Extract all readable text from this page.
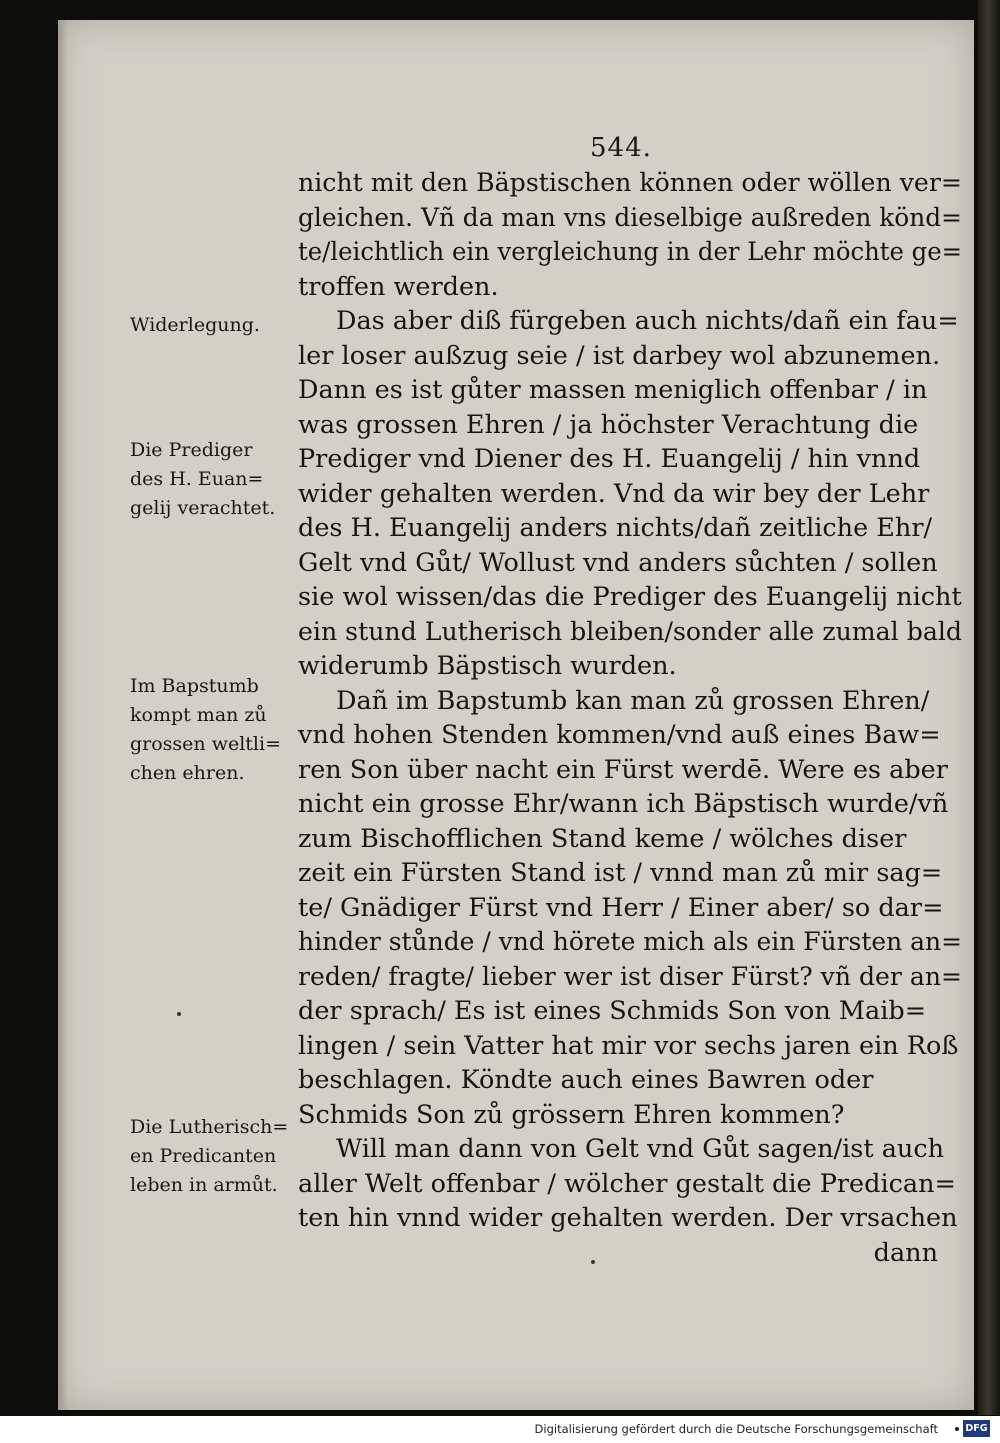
544.
Widerlegung.
Die Prediger
des H. Euan=
gelij verachtet.
Im Bapstumb
kompt man zů
grossen weltli=
chen ehren.
Die Lutherisch=
en Predicanten
leben in armůt.
nicht mit den Bäpstischen können oder wöllen ver=
gleichen. Vñ da man vns dieselbige außreden könd=
te/leichtlich ein vergleichung in der Lehr möchte ge=
troffen werden.
Das aber diß fürgeben auch nichts/dañ ein fau=
ler loser außzug seie / ist darbey wol abzunemen.
Dann es ist gůter massen meniglich offenbar / in
was grossen Ehren / ja höchster Verachtung die
Prediger vnd Diener des H. Euangelij / hin vnnd
wider gehalten werden. Vnd da wir bey der Lehr
des H. Euangelij anders nichts/dañ zeitliche Ehr/
Gelt vnd Gůt/ Wollust vnd anders sůchten / sollen
sie wol wissen/das die Prediger des Euangelij nicht
ein stund Lutherisch bleiben/sonder alle zumal bald
widerumb Bäpstisch wurden.
Dañ im Bapstumb kan man zů grossen Ehren/
vnd hohen Stenden kommen/vnd auß eines Baw=
ren Son über nacht ein Fürst werdē. Were es aber
nicht ein grosse Ehr/wann ich Bäpstisch wurde/vñ
zum Bischofflichen Stand keme / wölches diser
zeit ein Fürsten Stand ist / vnnd man zů mir sag=
te/ Gnädiger Fürst vnd Herr / Einer aber/ so dar=
hinder stůnde / vnd hörete mich als ein Fürsten an=
reden/ fragte/ lieber wer ist diser Fürst? vñ der an=
der sprach/ Es ist eines Schmids Son von Maib=
lingen / sein Vatter hat mir vor sechs jaren ein Roß
beschlagen. Köndte auch eines Bawren oder
Schmids Son zů grössern Ehren kommen?
Will man dann von Gelt vnd Gůt sagen/ist auch
aller Welt offenbar / wölcher gestalt die Predican=
ten hin vnnd wider gehalten werden. Der vrsachen
dann
Digitalisierung gefördert durch die Deutsche Forschungsgemeinschaft	DFG
